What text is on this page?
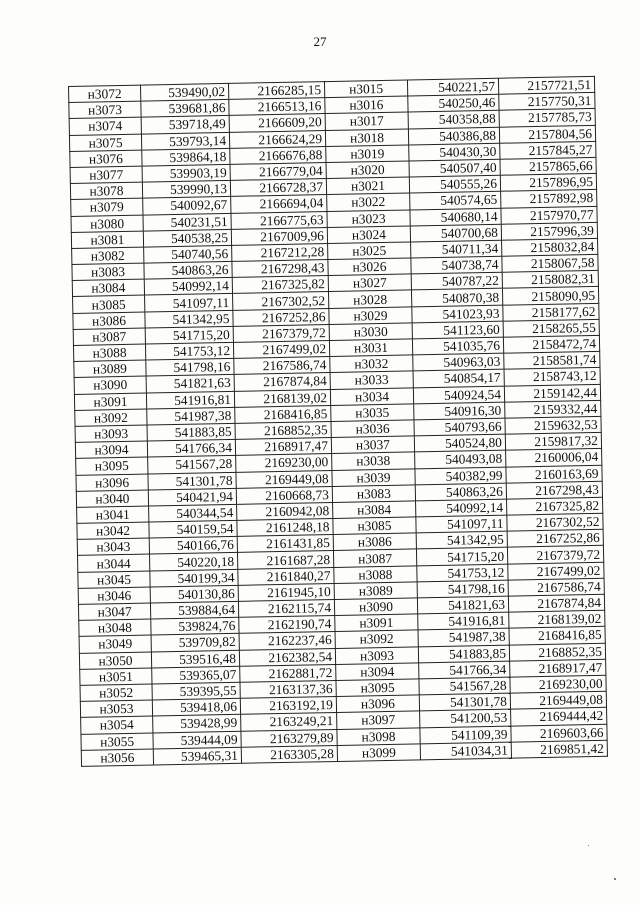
27
н3072	539490,02	2166285,15	н3015	540221,57	2157721,51
н3073	539681,86	2166513,16	н3016	540250,46	2157750,31
н3074	539718,49	2166609,20	н3017	540358,88	2157785,73
н3075	539793,14	2166624,29	н3018	540386,88	2157804,56
н3076	539864,18	2166676,88	н3019	540430,30	2157845,27
н3077	539903,19	2166779,04	н3020	540507,40	2157865,66
н3078	539990,13	2166728,37	н3021	540555,26	2157896,95
н3079	540092,67	2166694,04	н3022	540574,65	2157892,98
н3080	540231,51	2166775,63	н3023	540680,14	2157970,77
н3081	540538,25	2167009,96	н3024	540700,68	2157996,39
н3082	540740,56	2167212,28	н3025	540711,34	2158032,84
н3083	540863,26	2167298,43	н3026	540738,74	2158067,58
н3084	540992,14	2167325,82	н3027	540787,22	2158082,31
н3085	541097,11	2167302,52	н3028	540870,38	2158090,95
н3086	541342,95	2167252,86	н3029	541023,93	2158177,62
н3087	541715,20	2167379,72	н3030	541123,60	2158265,55
н3088	541753,12	2167499,02	н3031	541035,76	2158472,74
н3089	541798,16	2167586,74	н3032	540963,03	2158581,74
н3090	541821,63	2167874,84	н3033	540854,17	2158743,12
н3091	541916,81	2168139,02	н3034	540924,54	2159142,44
н3092	541987,38	2168416,85	н3035	540916,30	2159332,44
н3093	541883,85	2168852,35	н3036	540793,66	2159632,53
н3094	541766,34	2168917,47	н3037	540524,80	2159817,32
н3095	541567,28	2169230,00	н3038	540493,08	2160006,04
н3096	541301,78	2169449,08	н3039	540382,99	2160163,69
н3040	540421,94	2160668,73	н3083	540863,26	2167298,43
н3041	540344,54	2160942,08	н3084	540992,14	2167325,82
н3042	540159,54	2161248,18	н3085	541097,11	2167302,52
н3043	540166,76	2161431,85	н3086	541342,95	2167252,86
н3044	540220,18	2161687,28	н3087	541715,20	2167379,72
н3045	540199,34	2161840,27	н3088	541753,12	2167499,02
н3046	540130,86	2161945,10	н3089	541798,16	2167586,74
н3047	539884,64	2162115,74	н3090	541821,63	2167874,84
н3048	539824,76	2162190,74	н3091	541916,81	2168139,02
н3049	539709,82	2162237,46	н3092	541987,38	2168416,85
н3050	539516,48	2162382,54	н3093	541883,85	2168852,35
н3051	539365,07	2162881,72	н3094	541766,34	2168917,47
н3052	539395,55	2163137,36	н3095	541567,28	2169230,00
н3053	539418,06	2163192,19	н3096	541301,78	2169449,08
н3054	539428,99	2163249,21	н3097	541200,53	2169444,42
н3055	539444,09	2163279,89	н3098	541109,39	2169603,66
н3056	539465,31	2163305,28	н3099	541034,31	2169851,42
